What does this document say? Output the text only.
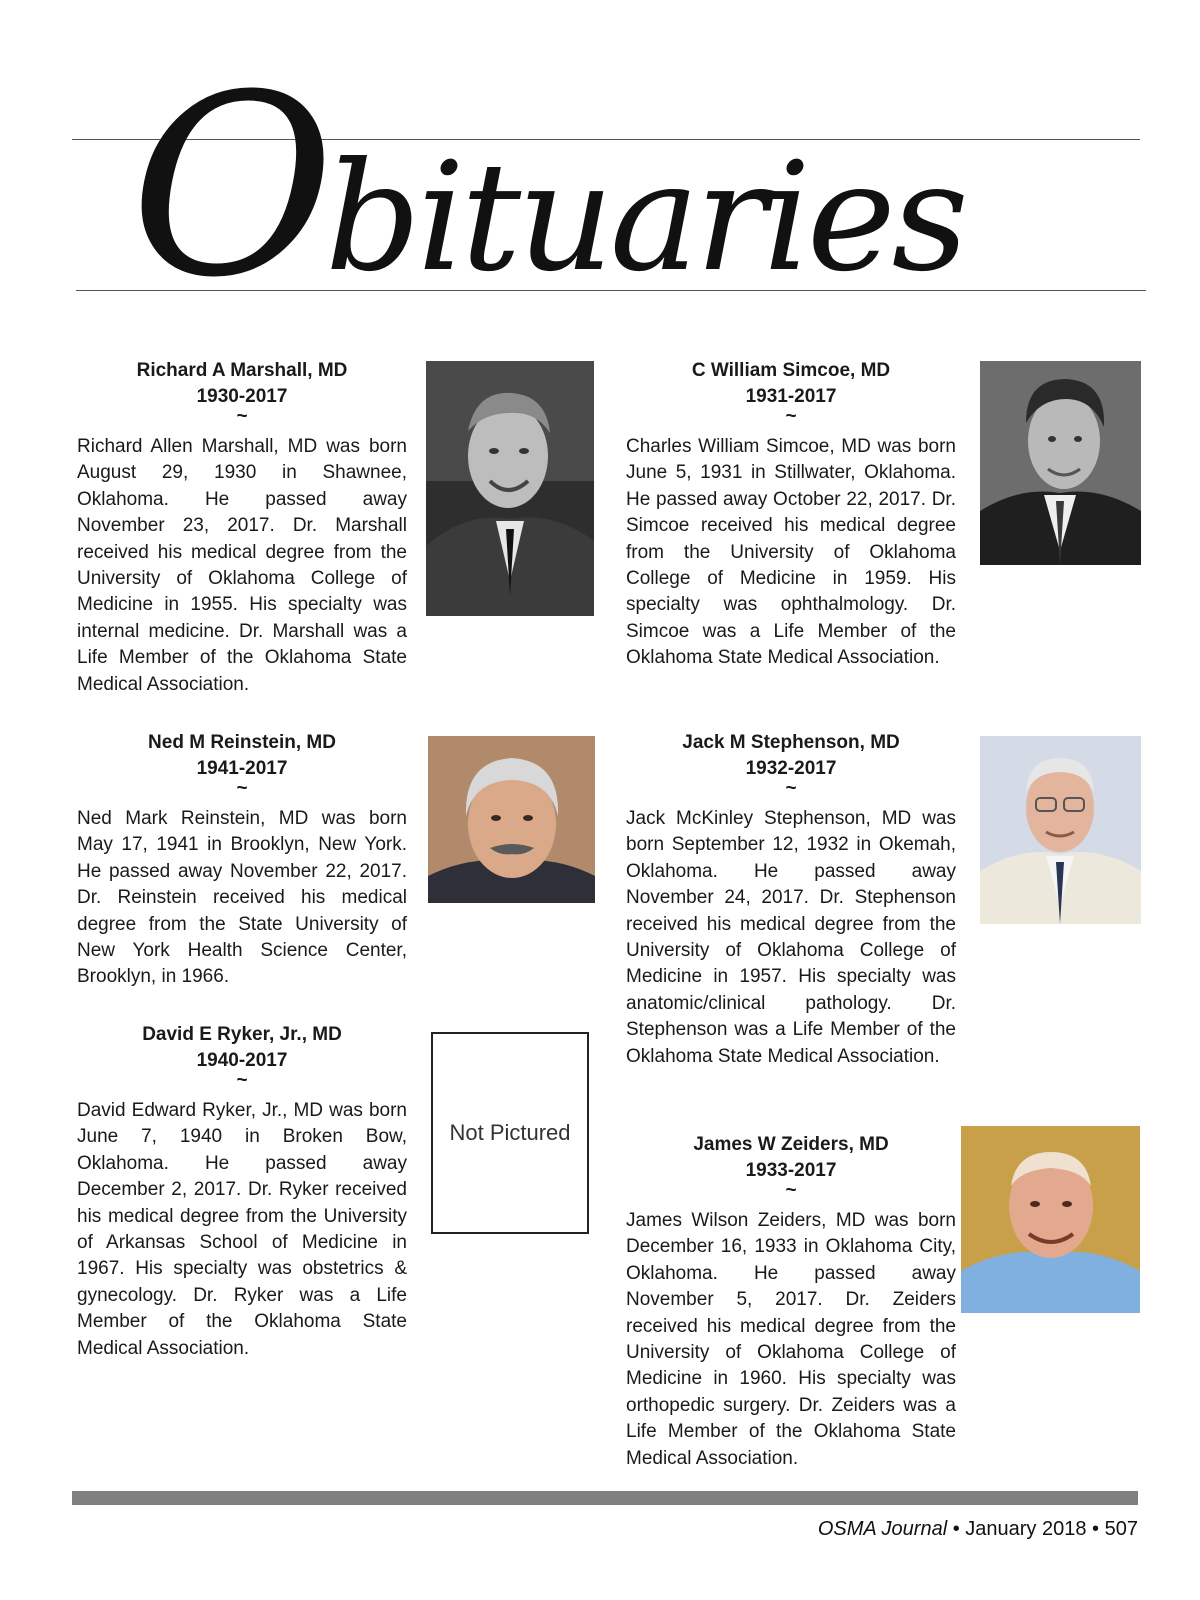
Obituaries
Richard A Marshall, MD
1930-2017
~
Richard Allen Marshall, MD was born August 29, 1930 in Shawnee, Oklahoma. He passed away November 23, 2017. Dr. Marshall received his medical degree from the University of Oklahoma College of Medicine in 1955. His specialty was internal medicine. Dr. Marshall was a Life Member of the Oklahoma State Medical Association.
Ned M Reinstein, MD
1941-2017
~
Ned Mark Reinstein, MD was born May 17, 1941 in Brooklyn, New York. He passed away November 22, 2017. Dr. Reinstein received his medical degree from the State University of New York Health Science Center, Brooklyn, in 1966.
David E Ryker, Jr., MD
1940-2017
~
David Edward Ryker, Jr., MD was born June 7, 1940 in Broken Bow, Oklahoma. He passed away December 2, 2017. Dr. Ryker received his medical degree from the University of Arkansas School of Medicine in 1967. His specialty was obstetrics & gynecology. Dr. Ryker was a Life Member of the Oklahoma State Medical Association.
C William Simcoe, MD
1931-2017
~
Charles William Simcoe, MD was born June 5, 1931 in Stillwater, Oklahoma. He passed away October 22, 2017. Dr. Simcoe received his medical degree from the University of Oklahoma College of Medicine in 1959. His specialty was ophthalmology. Dr. Simcoe was a Life Member of the Oklahoma State Medical Association.
Jack M Stephenson, MD
1932-2017
~
Jack McKinley Stephenson, MD was born September 12, 1932 in Okemah, Oklahoma. He passed away November 24, 2017. Dr. Stephenson received his medical degree from the University of Oklahoma College of Medicine in 1957. His specialty was anatomic/clinical pathology. Dr. Stephenson was a Life Member of the Oklahoma State Medical Association.
James W Zeiders, MD
1933-2017
~
James Wilson Zeiders, MD was born December 16, 1933 in Oklahoma City, Oklahoma. He passed away November 5, 2017. Dr. Zeiders received his medical degree from the University of Oklahoma College of Medicine in 1960. His specialty was orthopedic surgery. Dr. Zeiders was a Life Member of the Oklahoma State Medical Association.
Not Pictured
OSMA Journal • January 2018 • 507
